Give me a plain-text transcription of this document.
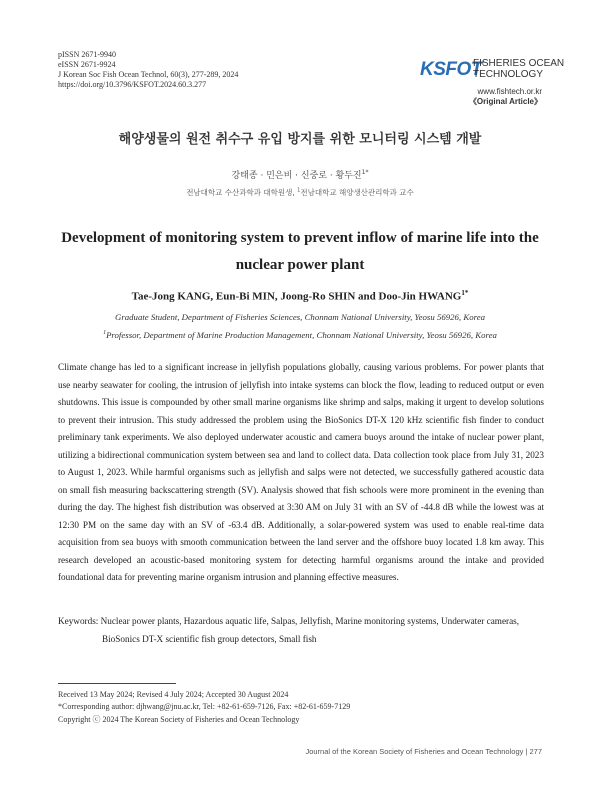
pISSN 2671-9940
eISSN 2671-9924
J Korean Soc Fish Ocean Technol, 60(3), 277-289, 2024
https://doi.org/10.3796/KSFOT.2024.60.3.277
KSFOT
FISHERIES OCEAN
TECHNOLOGY
www.fishtech.or.kr
《Original Article》
해양생물의 원전 취수구 유입 방지를 위한 모니터링 시스템 개발
강태종 · 민은비 · 신중로 · 황두진$^{1*}$
전남대학교 수산과학과 대학원생, $^1$전남대학교 해양생산관리학과 교수
Development of monitoring system to prevent inflow of marine life into the nuclear power plant
Tae-Jong KANG, Eun-Bi MIN, Joong-Ro SHIN and Doo-Jin $HWANG^{1*}$
Graduate Student, Department of Fisheries Sciences, Chonnam National University, Yeosu 56926, Korea
$^1$Professor, Department of Marine Production Management, Chonnam National University, Yeosu 56926, Korea
Climate change has led to a significant increase in jellyfish populations globally, causing various problems. For power plants that use nearby seawater for cooling, the intrusion of jellyfish into intake systems can block the flow, leading to reduced output or even shutdowns. This issue is compounded by other small marine organisms like shrimp and salps, making it urgent to develop solutions to prevent their intrusion. This study addressed the problem using the BioSonics DT-X 120 kHz scientific fish finder to conduct preliminary tank experiments. We also deployed underwater acoustic and camera buoys around the intake of nuclear power plant, utilizing a bidirectional communication system between sea and land to collect data. Data collection took place from July 31, 2023 to August 1, 2023. While harmful organisms such as jellyfish and salps were not detected, we successfully gathered acoustic data on small fish measuring backscattering strength (SV). Analysis showed that fish schools were more prominent in the evening than during the day. The highest fish distribution was observed at 3:30 AM on July 31 with an SV of -44.8 dB while the lowest was at 12:30 PM on the same day with an SV of -63.4 dB. Additionally, a solar-powered system was used to enable real-time data acquisition from sea buoys with smooth communication between the land server and the offshore buoy located 1.8 km away. This research developed an acoustic-based monitoring system for detecting harmful organisms around the intake and provided foundational data for preventing marine organism intrusion and planning effective measures.
Keywords: Nuclear power plants, Hazardous aquatic life, Salpas, Jellyfish, Marine monitoring systems, Underwater cameras,
BioSonics DT-X scientific fish group detectors, Small fish
Received 13 May 2024; Revised 4 July 2024; Accepted 30 August 2024
*Corresponding author: djhwang@jnu.ac.kr, Tel: +82-61-659-7126, Fax: +82-61-659-7129
Copyright ⓒ 2024 The Korean Society of Fisheries and Ocean Technology
Journal of the Korean Society of Fisheries and Ocean Technology | 277
